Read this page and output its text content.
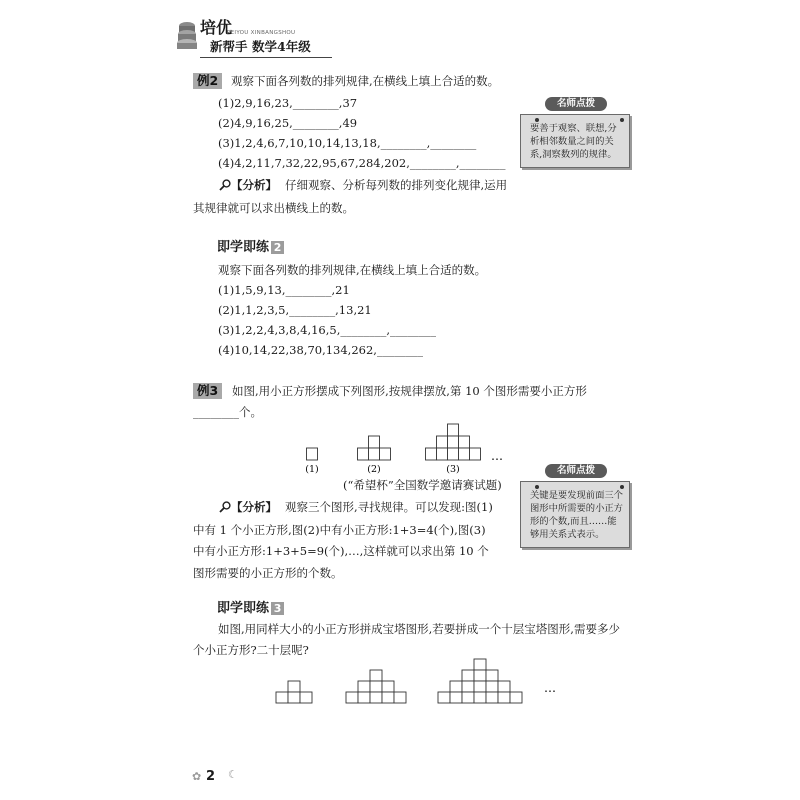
培优
PEIYOU XINBANGSHOU
新帮手 数学4年级
例2	观察下面各列数的排列规律,在横线上填上合适的数。
(1)2,9,16,23,________,37
(2)4,9,16,25,________,49
(3)1,2,4,6,7,10,10,14,13,18,________,________
(4)4,2,11,7,32,22,95,67,284,202,________,________
【分析】 仔细观察、分析每列数的排列变化规律,运用
其规律就可以求出横线上的数。
要善于观察、联想,分
析相邻数量之间的关
系,洞察数列的规律。
名师点拨
即学即练 2
观察下面各列数的排列规律,在横线上填上合适的数。
(1)1,5,9,13,________,21
(2)1,1,2,3,5,________,13,21
(3)1,2,2,4,3,8,4,16,5,________,________
(4)10,14,22,38,70,134,262,________
例3	如图,用小正方形摆成下列图形,按规律摆放,第 10 个图形需要小正方形
________个。
…
(1)	(2)	(3)
(“希望杯”全国数学邀请赛试题)
【分析】 观察三个图形,寻找规律。可以发现:图(1)
中有 1 个小正方形,图(2)中有小正方形:1+3=4(个),图(3)
中有小正方形:1+3+5=9(个),…,这样就可以求出第 10 个
图形需要的小正方形的个数。
关键是要发现前面三个
图形中所需要的小正方
形的个数,而且……能
够用关系式表示。
名师点拨
即学即练 3
如图,用同样大小的小正方形拼成宝塔图形,若要拼成一个十层宝塔图形,需要多少
个小正方形?二十层呢?
…
✿ 2 ☾
